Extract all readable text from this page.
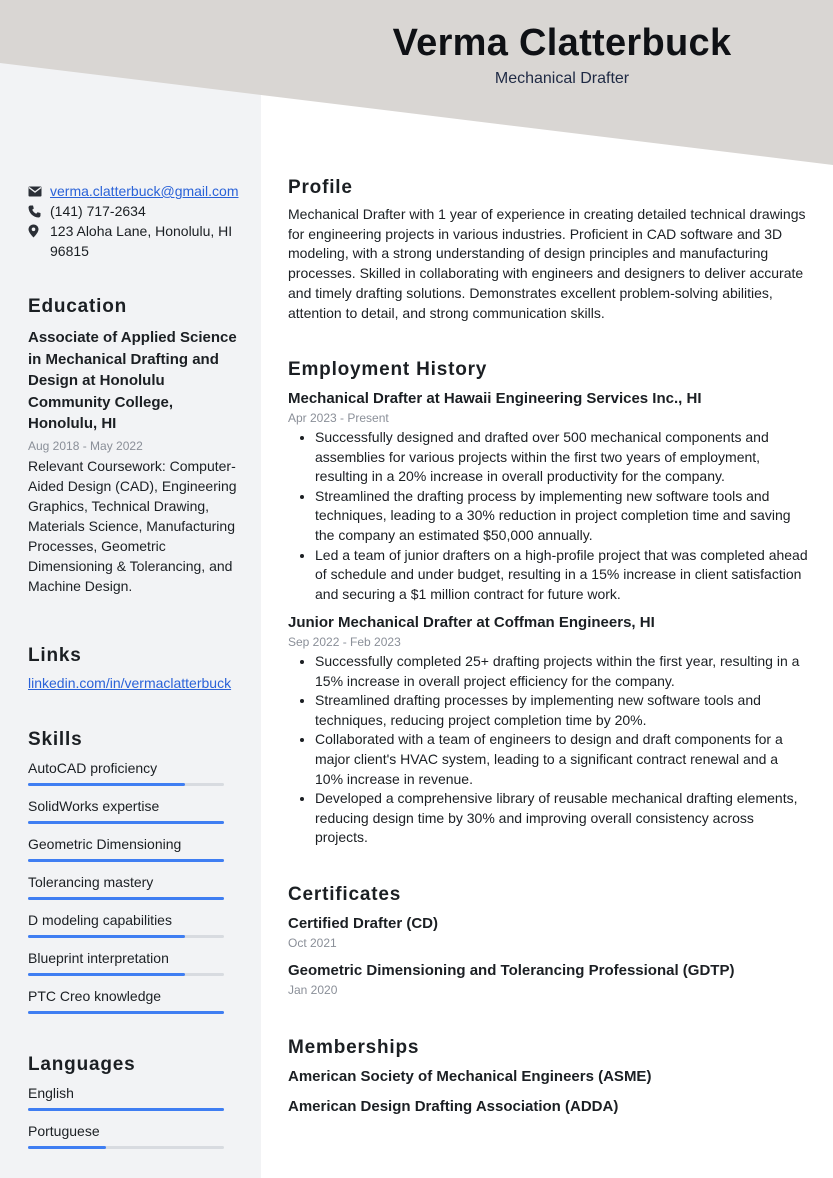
Verma Clatterbuck
Mechanical Drafter
verma.clatterbuck@gmail.com
(141) 717-2634
123 Aloha Lane, Honolulu, HI 96815
Education
Associate of Applied Science in Mechanical Drafting and Design at Honolulu Community College, Honolulu, HI
Aug 2018 - May 2022
Relevant Coursework: Computer-Aided Design (CAD), Engineering Graphics, Technical Drawing, Materials Science, Manufacturing Processes, Geometric Dimensioning & Tolerancing, and Machine Design.
Links
linkedin.com/in/vermaclatterbuck
Skills
AutoCAD proficiency
SolidWorks expertise
Geometric Dimensioning
Tolerancing mastery
D modeling capabilities
Blueprint interpretation
PTC Creo knowledge
Languages
English
Portuguese
Profile
Mechanical Drafter with 1 year of experience in creating detailed technical drawings for engineering projects in various industries. Proficient in CAD software and 3D modeling, with a strong understanding of design principles and manufacturing processes. Skilled in collaborating with engineers and designers to deliver accurate and timely drafting solutions. Demonstrates excellent problem-solving abilities, attention to detail, and strong communication skills.
Employment History
Mechanical Drafter at Hawaii Engineering Services Inc., HI
Apr 2023 - Present
• Successfully designed and drafted over 500 mechanical components and assemblies for various projects within the first two years of employment, resulting in a 20% increase in overall productivity for the company.
• Streamlined the drafting process by implementing new software tools and techniques, leading to a 30% reduction in project completion time and saving the company an estimated $50,000 annually.
• Led a team of junior drafters on a high-profile project that was completed ahead of schedule and under budget, resulting in a 15% increase in client satisfaction and securing a $1 million contract for future work.
Junior Mechanical Drafter at Coffman Engineers, HI
Sep 2022 - Feb 2023
• Successfully completed 25+ drafting projects within the first year, resulting in a 15% increase in overall project efficiency for the company.
• Streamlined drafting processes by implementing new software tools and techniques, reducing project completion time by 20%.
• Collaborated with a team of engineers to design and draft components for a major client's HVAC system, leading to a significant contract renewal and a 10% increase in revenue.
• Developed a comprehensive library of reusable mechanical drafting elements, reducing design time by 30% and improving overall consistency across projects.
Certificates
Certified Drafter (CD)
Oct 2021
Geometric Dimensioning and Tolerancing Professional (GDTP)
Jan 2020
Memberships
American Society of Mechanical Engineers (ASME)
American Design Drafting Association (ADDA)
